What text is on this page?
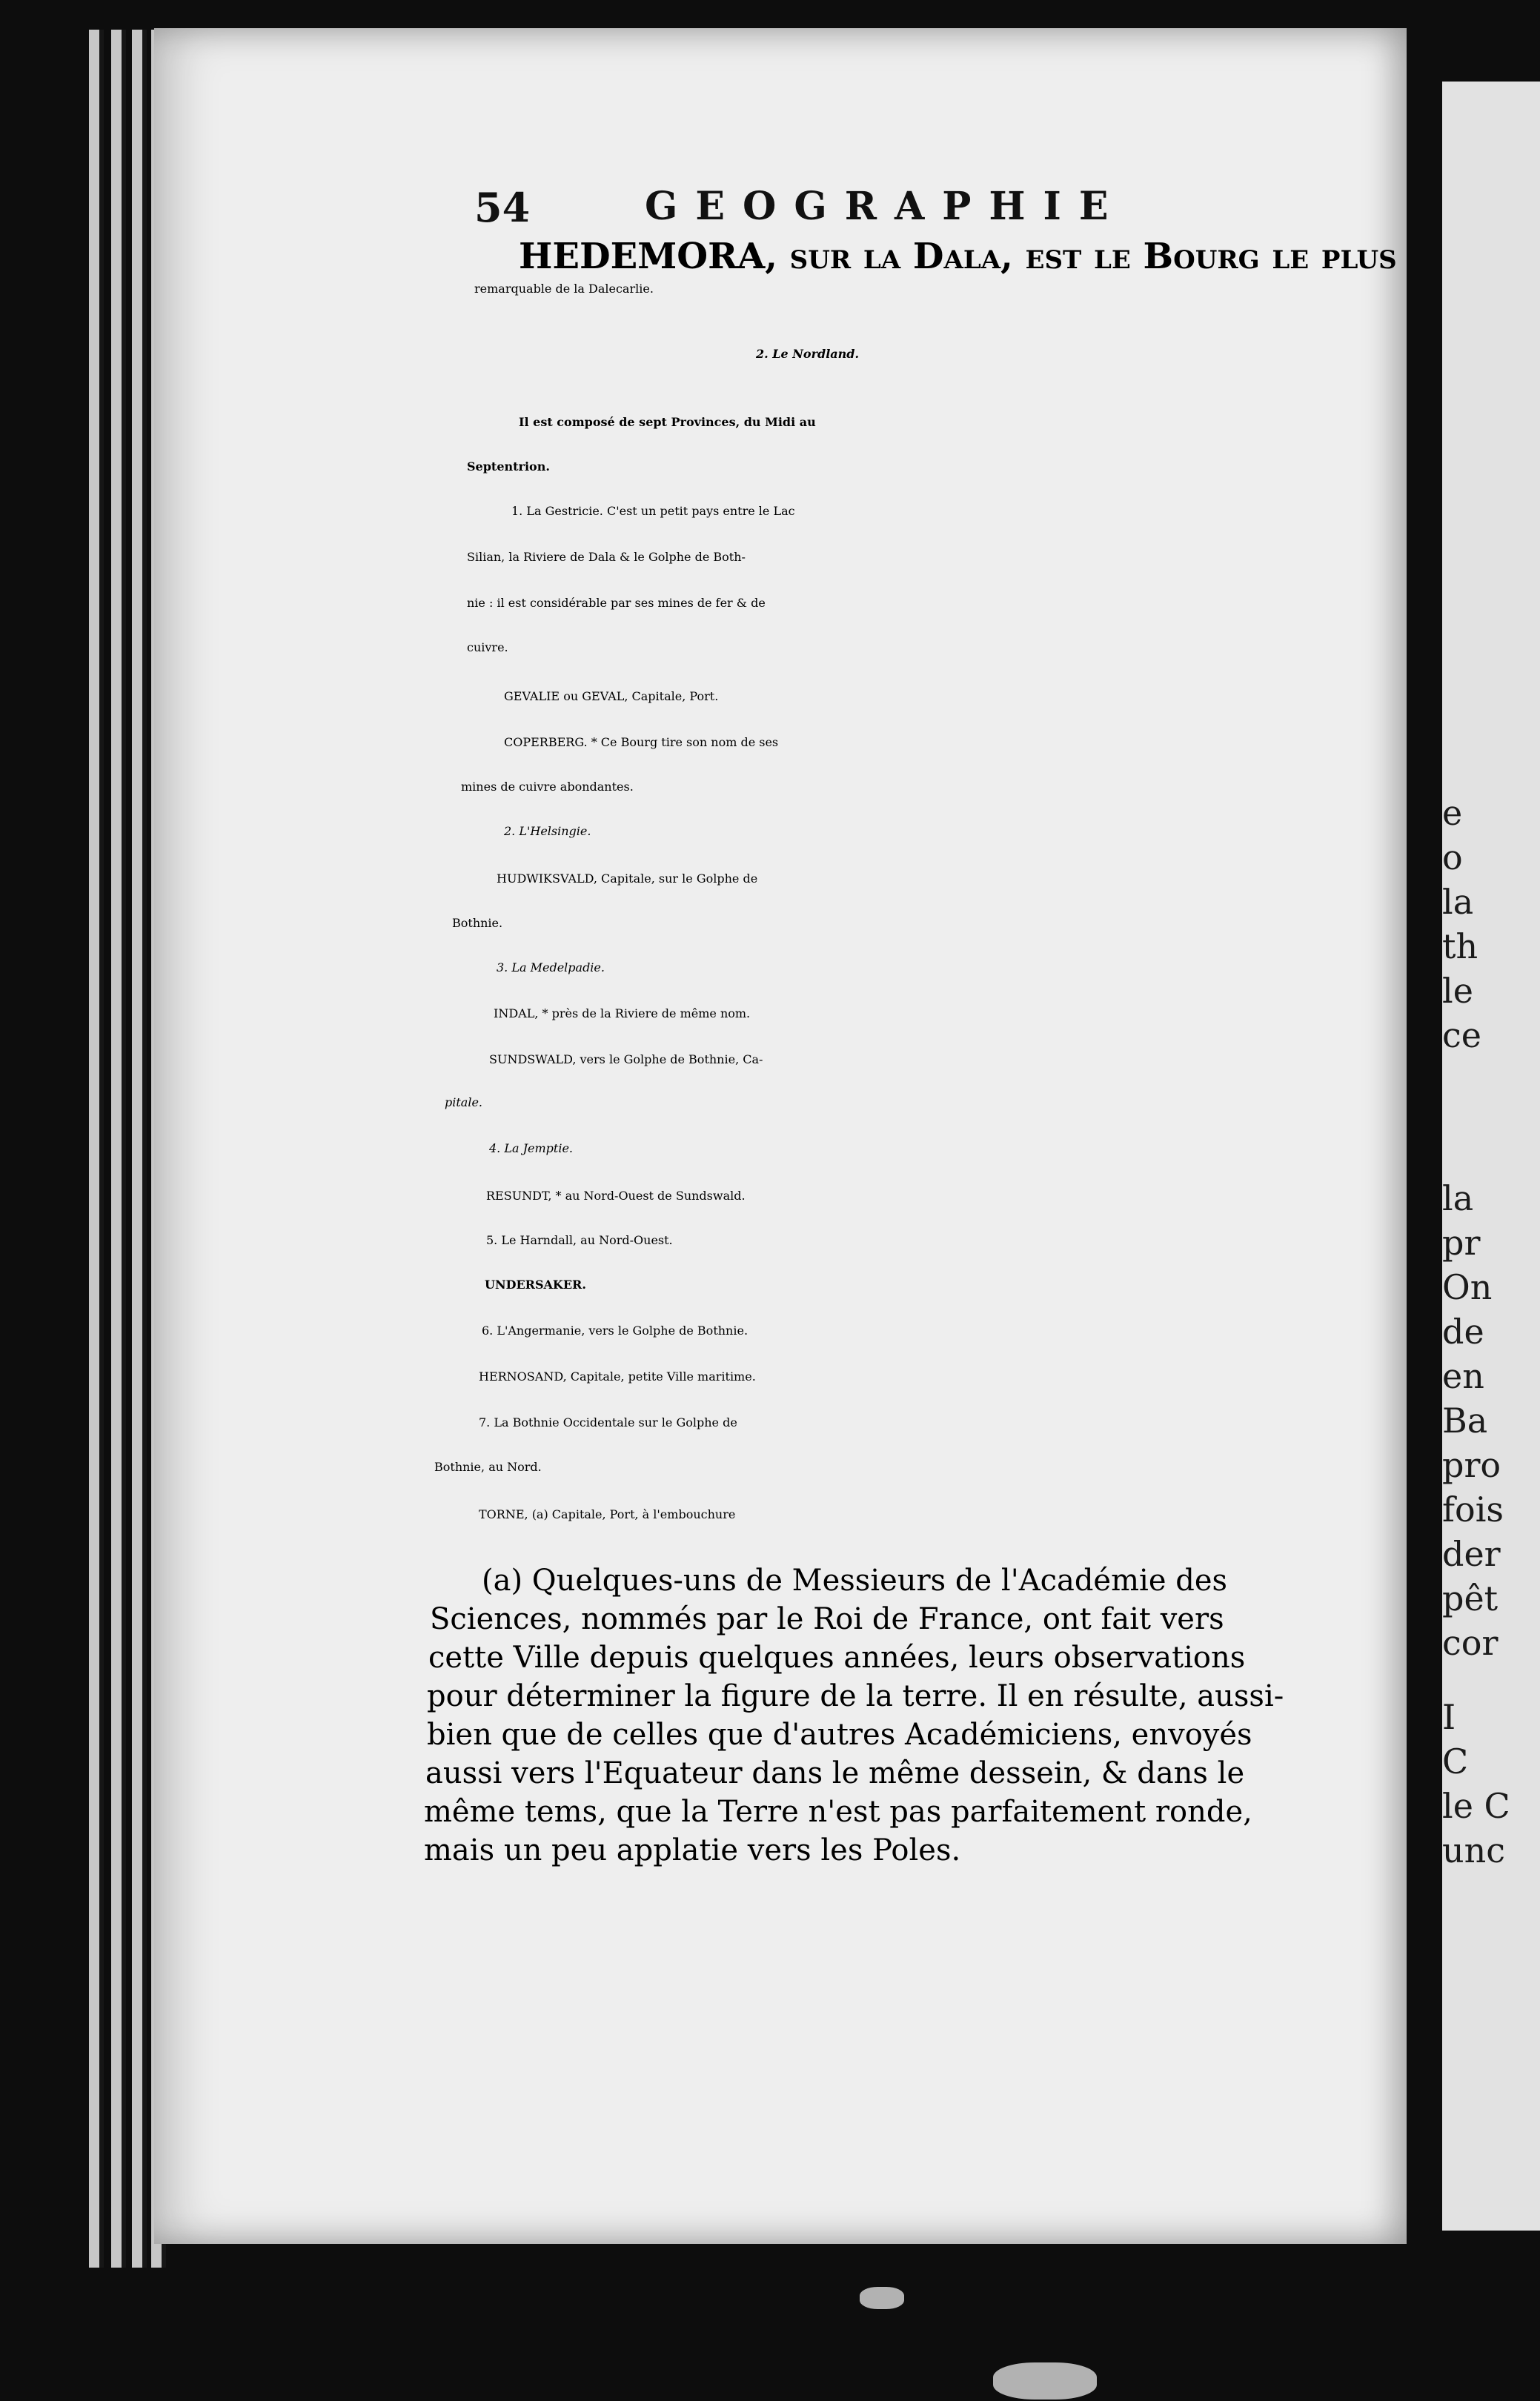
e
o
la
th
le
ce
la
pr
On
de
en
Ba
pro
fois
der
pêt
cor
I
C
le C
unc
54	GEOGRAPHIE
HEDEMORA, sur la Dala, est le Bourg le plus
remarquable de la Dalecarlie.
2. Le Nordland.
Il est composé de sept Provinces, du Midi au
Septentrion.
1. La Gestricie. C'est un petit pays entre le Lac
Silian, la Riviere de Dala & le Golphe de Both-
nie : il est considérable par ses mines de fer & de
cuivre.
GEVALIE ou GEVAL, Capitale, Port.
COPERBERG. * Ce Bourg tire son nom de ses
mines de cuivre abondantes.
2. L'Helsingie.
HUDWIKSVALD, Capitale, sur le Golphe de
Bothnie.
3. La Medelpadie.
INDAL, * près de la Riviere de même nom.
SUNDSWALD, vers le Golphe de Bothnie, Ca-
pitale.
4. La Jemptie.
RESUNDT, * au Nord-Ouest de Sundswald.
5. Le Harndall, au Nord-Ouest.
UNDERSAKER.
6. L'Angermanie, vers le Golphe de Bothnie.
HERNOSAND, Capitale, petite Ville maritime.
7. La Bothnie Occidentale sur le Golphe de
Bothnie, au Nord.
TORNE, (a) Capitale, Port, à l'embouchure
(a) Quelques-uns de Messieurs de l'Académie des
Sciences, nommés par le Roi de France, ont fait vers
cette Ville depuis quelques années, leurs observations
pour déterminer la figure de la terre. Il en résulte, aussi-
bien que de celles que d'autres Académiciens, envoyés
aussi vers l'Equateur dans le même dessein, & dans le
même tems, que la Terre n'est pas parfaitement ronde,
mais un peu applatie vers les Poles.
